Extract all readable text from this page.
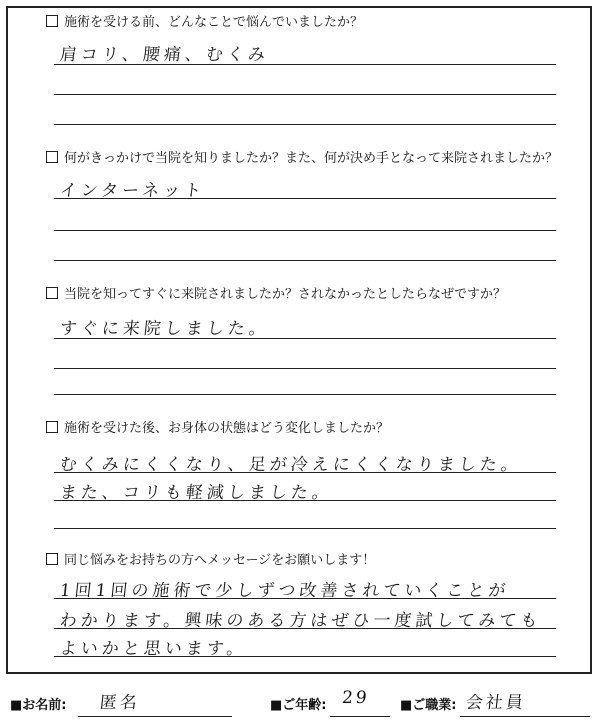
施術を受ける前、どんなことで悩んでいましたか？
肩コリ、腰痛、むくみ
何がきっかけで当院を知りましたか？また、何が決め手となって来院されましたか？
インターネット
当院を知ってすぐに来院されましたか？されなかったとしたらなぜですか？
すぐに来院しました。
施術を受けた後、お身体の状態はどう変化しましたか？
むくみにくくなり、足が冷えにくくなりました。
また、コリも軽減しました。
同じ悩みをお持ちの方へメッセージをお願いします！
1回1回の施術で少しずつ改善されていくことが
わかります。興味のある方はぜひ一度試してみても
よいかと思います。
■お名前: 匿名	■ご年齢: 29 ■ご職業: 会社員
